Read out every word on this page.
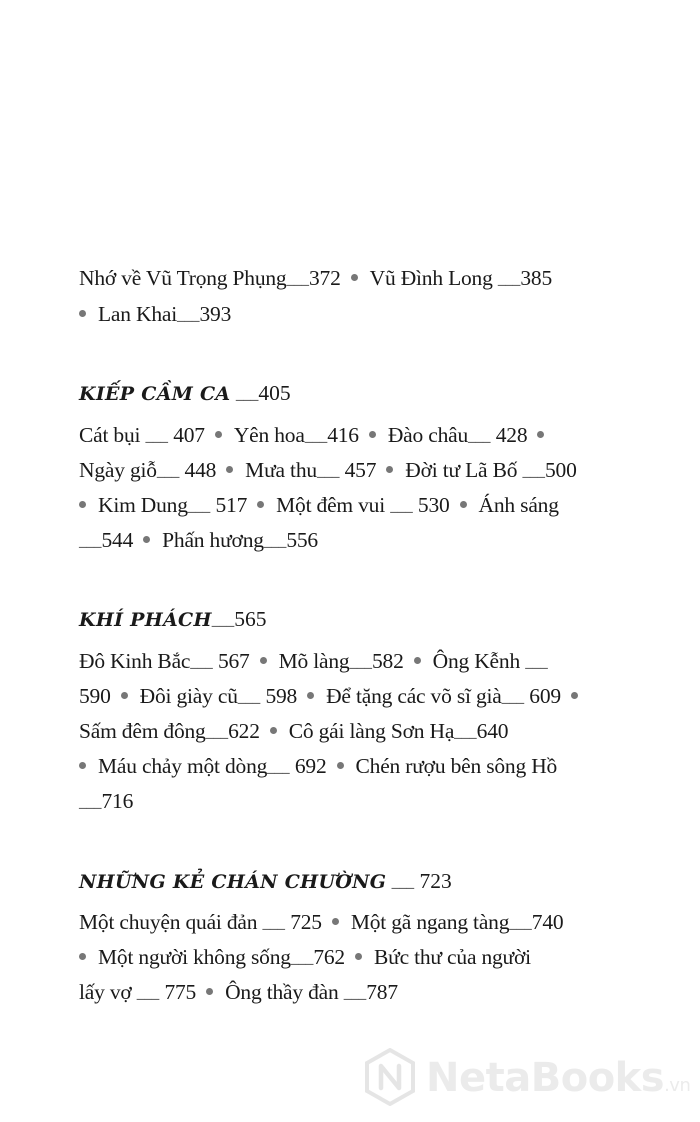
Nhớ về Vũ Trọng Phụng___372 Vũ Đình Long ___385
Lan Khai___393
KIẾP CẦM CA ___405
Cát bụi ___ 407 Yên hoa___416 Đào châu___ 428
Ngày giỗ___ 448 Mưa thu___ 457 Đời tư Lã Bố ___500
Kim Dung___ 517 Một đêm vui ___ 530 Ánh sáng
___544 Phấn hương___556
KHÍ PHÁCH___565
Đô Kinh Bắc___ 567 Mõ làng___582 Ông Kễnh ___
590 Đôi giày cũ___ 598 Để tặng các võ sĩ già___ 609
Sấm đêm đông___622 Cô gái làng Sơn Hạ___640
Máu chảy một dòng___ 692 Chén rượu bên sông Hồ
___716
NHỮNG KẺ CHÁN CHƯỜNG ___ 723
Một chuyện quái đản ___ 725 Một gã ngang tàng___740
Một người không sống___762 Bức thư của người
lấy vợ ___ 775 Ông thầy đàn ___787
NetaBooks.vn
